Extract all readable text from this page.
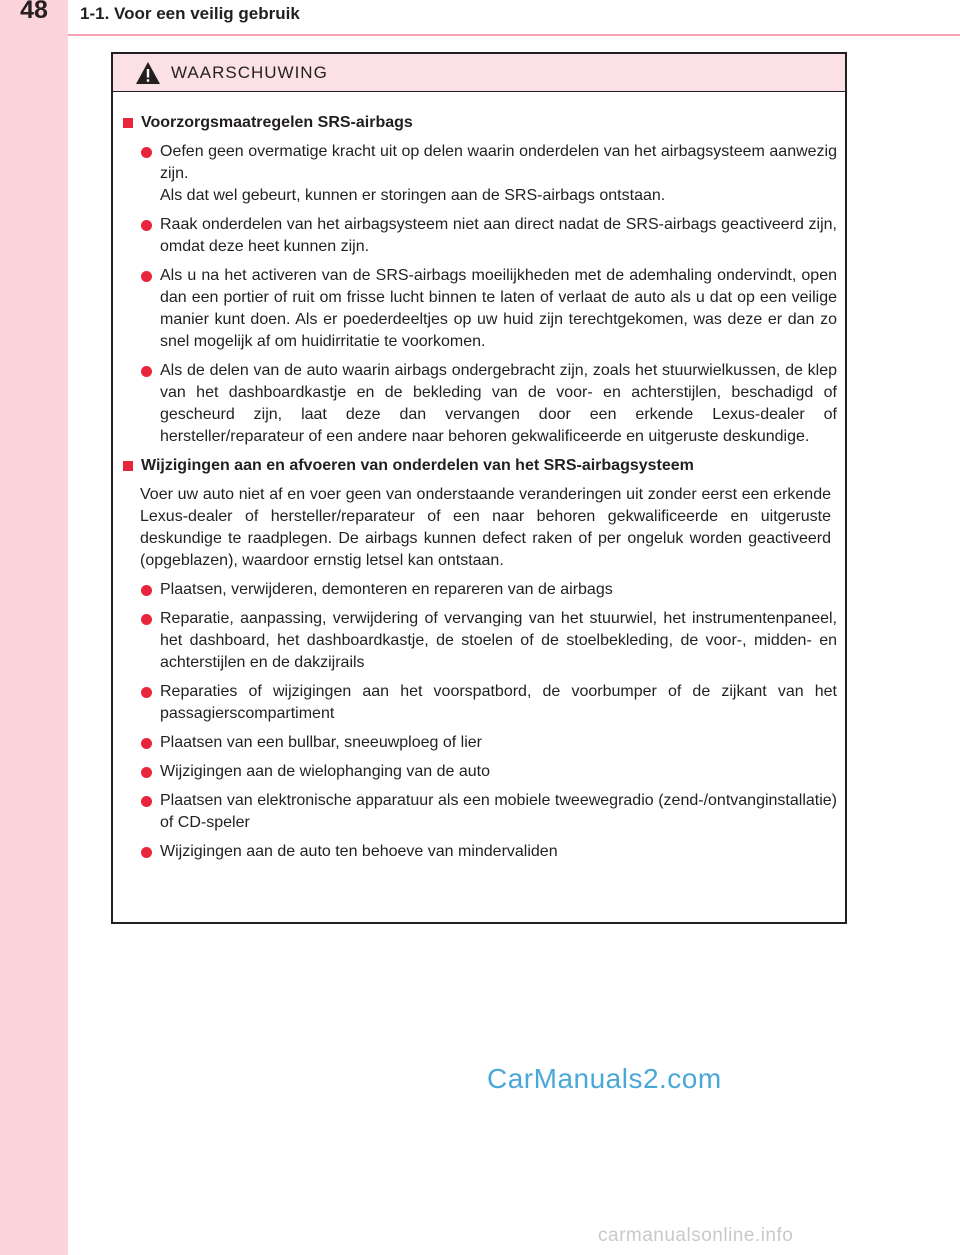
48	1-1. Voor een veilig gebruik
WAARSCHUWING
Voorzorgsmaatregelen SRS-airbags
Oefen geen overmatige kracht uit op delen waarin onderdelen van het airbagsysteem aanwezig zijn.
Als dat wel gebeurt, kunnen er storingen aan de SRS-airbags ontstaan.
Raak onderdelen van het airbagsysteem niet aan direct nadat de SRS-airbags geactiveerd zijn, omdat deze heet kunnen zijn.
Als u na het activeren van de SRS-airbags moeilijkheden met de ademhaling ondervindt, open dan een portier of ruit om frisse lucht binnen te laten of verlaat de auto als u dat op een veilige manier kunt doen. Als er poederdeeltjes op uw huid zijn terechtgekomen, was deze er dan zo snel mogelijk af om huidirritatie te voorkomen.
Als de delen van de auto waarin airbags ondergebracht zijn, zoals het stuurwielkussen, de klep van het dashboardkastje en de bekleding van de voor- en achterstijlen, beschadigd of gescheurd zijn, laat deze dan vervangen door een erkende Lexus-dealer of hersteller/reparateur of een andere naar behoren gekwalificeerde en uitgeruste deskundige.
Wijzigingen aan en afvoeren van onderdelen van het SRS-airbagsysteem
Voer uw auto niet af en voer geen van onderstaande veranderingen uit zonder eerst een erkende Lexus-dealer of hersteller/reparateur of een naar behoren gekwalificeerde en uitgeruste deskundige te raadplegen. De airbags kunnen defect raken of per ongeluk worden geactiveerd (opgeblazen), waardoor ernstig letsel kan ontstaan.
Plaatsen, verwijderen, demonteren en repareren van de airbags
Reparatie, aanpassing, verwijdering of vervanging van het stuurwiel, het instrumentenpaneel, het dashboard, het dashboardkastje, de stoelen of de stoelbekleding, de voor-, midden- en achterstijlen en de dakzijrails
Reparaties of wijzigingen aan het voorspatbord, de voorbumper of de zijkant van het passagierscompartiment
Plaatsen van een bullbar, sneeuwploeg of lier
Wijzigingen aan de wielophanging van de auto
Plaatsen van elektronische apparatuur als een mobiele tweewegradio (zend-/ontvanginstallatie) of CD-speler
Wijzigingen aan de auto ten behoeve van mindervaliden
CarManuals2.com
carmanualsonline.info
